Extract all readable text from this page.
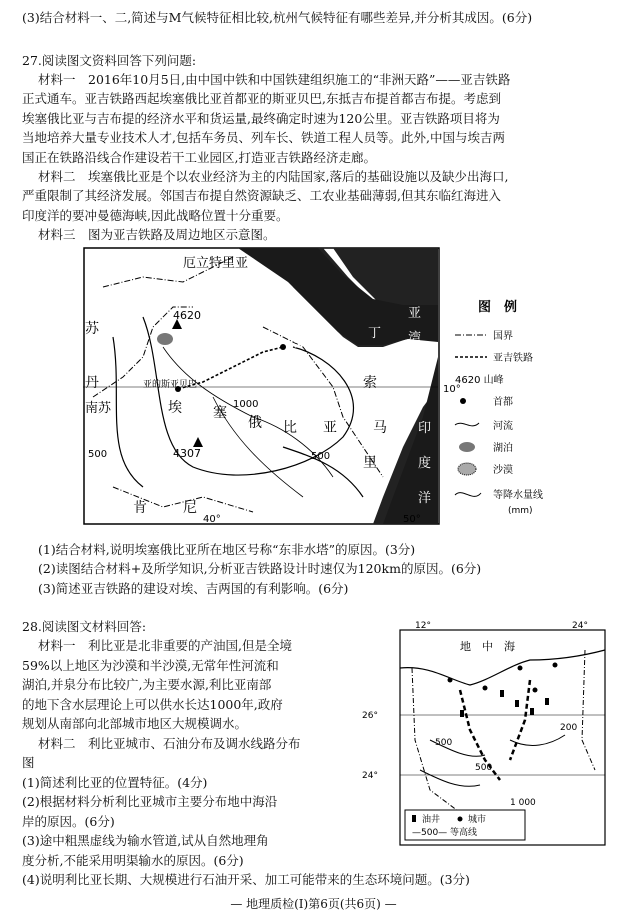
(3)结合材料一、二,简述与M气候特征相比较,杭州气候特征有哪些差异,并分析其成因。(6分)
27.阅读图文资料回答下列问题:
材料一　2016年10月5日,由中国中铁和中国铁建组织施工的“非洲天路”——亚吉铁路
正式通车。亚吉铁路西起埃塞俄比亚首都亚的斯亚贝巴,东抵吉布提首都吉布提。考虑到
埃塞俄比亚与吉布提的经济水平和货运量,最终确定时速为120公里。亚吉铁路项目将为
当地培养大量专业技术人才,包括车务员、列车长、铁道工程人员等。此外,中国与埃吉两
国正在铁路沿线合作建设若干工业园区,打造亚吉铁路经济走廊。
材料二　埃塞俄比亚是个以农业经济为主的内陆国家,落后的基础设施以及缺少出海口,
严重限制了其经济发展。邻国吉布提自然资源缺乏、工农业基础薄弱,但其东临红海进入
印度洋的要冲曼德海峡,因此战略位置十分重要。
材料三　图为亚吉铁路及周边地区示意图。
厄立特里亚
红海
苏
丹
南苏
4620
4307
吉布提
亚的斯亚贝巴
埃 塞
俄 比 亚
索
马
里
肯	尼
亚
丁 湾
印
度
洋
1000
500	500
10°
40°	50°
图　例
国界
亚吉铁路
4620 山峰
首都
河流
湖泊
沙漠
等降水量线
(mm)
(1)结合材料,说明埃塞俄比亚所在地区号称“东非水塔”的原因。(3分)
(2)读图结合材料+及所学知识,分析亚吉铁路设计时速仅为120km的原因。(6分)
(3)简述亚吉铁路的建设对埃、吉两国的有利影响。(6分)
28.阅读图文材料回答:
材料一　利比亚是北非重要的产油国,但是全境
59%以上地区为沙漠和半沙漠,无常年性河流和
湖泊,并泉分布比较广,为主要水源,利比亚南部
的地下含水层理论上可以供水长达1000年,政府
规划从南部向北部城市地区大规模调水。
材料二　利比亚城市、石油分布及调水线路分布
图
(1)简述利比亚的位置特征。(4分)
(2)根据材料分析利比亚城市主要分布地中海沿
岸的原因。(6分)
(3)途中粗黑虚线为输水管道,试从自然地理角
度分析,不能采用明渠输水的原因。(6分)
(4)说明利比亚长期、大规模进行石油开采、加工可能带来的生态环境问题。(3分)
12°	24°
地　中　海
26°
24°
200
500
500
1 000
油井	城市
—500— 等高线
— 地理质检(Ⅰ)第6页(共6页) —
